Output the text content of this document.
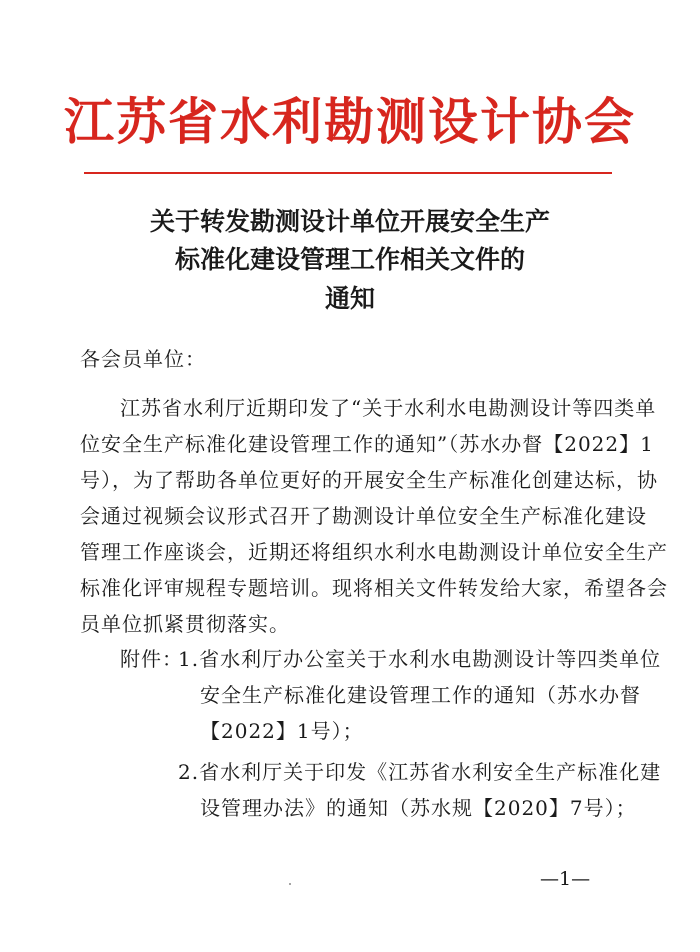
江苏省水利勘测设计协会
关于转发勘测设计单位开展安全生产
标准化建设管理工作相关文件的
通知
各会员单位：
江苏省水利厅近期印发了“关于水利水电勘测设计等四类单
位安全生产标准化建设管理工作的通知”（苏水办督【2022】1
号），为了帮助各单位更好的开展安全生产标准化创建达标，协
会通过视频会议形式召开了勘测设计单位安全生产标准化建设
管理工作座谈会，近期还将组织水利水电勘测设计单位安全生产
标准化评审规程专题培训。现将相关文件转发给大家，希望各会
员单位抓紧贯彻落实。
附件：
1.省水利厅办公室关于水利水电勘测设计等四类单位
安全生产标准化建设管理工作的通知（苏水办督
【2022】1号）；
2.省水利厅关于印发《江苏省水利安全生产标准化建
设管理办法》的通知（苏水规【2020】7号）；
—1—
